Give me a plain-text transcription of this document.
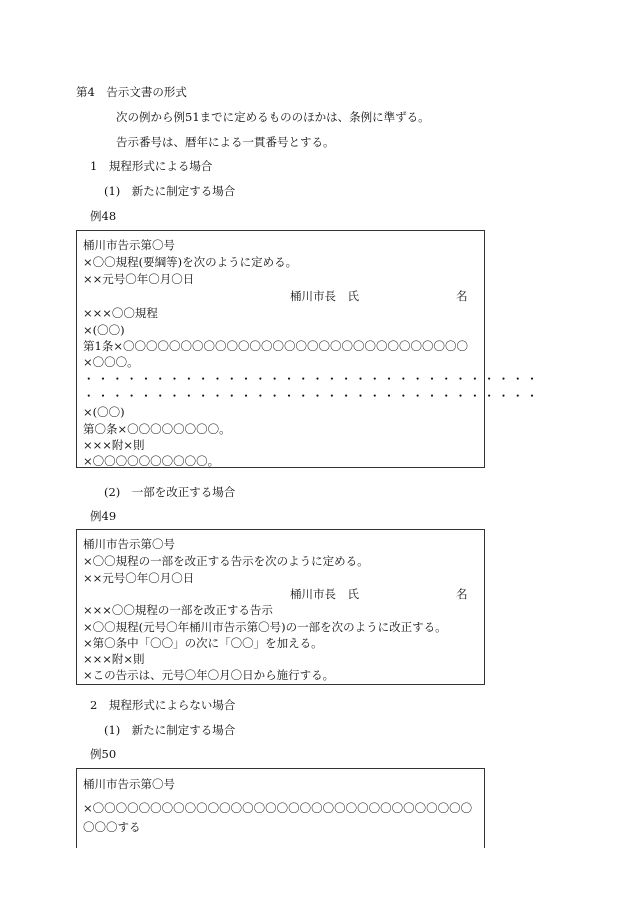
第4　告示文書の形式
次の例から例51までに定めるもののほかは、条例に準ずる。
告示番号は、暦年による一貫番号とする。
1　規程形式による場合
(1)　新たに制定する場合
例48
桶川市告示第〇号
×〇〇規程(要綱等)を次のように定める。
××元号〇年〇月〇日
桶川市長　氏	名
×××〇〇規程
×(〇〇)
第1条×〇〇〇〇〇〇〇〇〇〇〇〇〇〇〇〇〇〇〇〇〇〇〇〇〇〇〇〇〇〇
×〇〇〇。
・・・・・・・・・・・・・・・・・・・・・・・・・・・・・・・・
・・・・・・・・・・・・・・・・・・・・・・・・・・・・・・・・
×(〇〇)
第〇条×〇〇〇〇〇〇〇〇。
×××附×則
×〇〇〇〇〇〇〇〇〇〇。
(2)　一部を改正する場合
例49
桶川市告示第〇号
×〇〇規程の一部を改正する告示を次のように定める。
××元号〇年〇月〇日
桶川市長　氏	名
×××〇〇規程の一部を改正する告示
×〇〇規程(元号〇年桶川市告示第〇号)の一部を次のように改正する。
×第〇条中「〇〇」の次に「〇〇」を加える。
×××附×則
×この告示は、元号〇年〇月〇日から施行する。
2　規程形式によらない場合
(1)　新たに制定する場合
例50
桶川市告示第〇号
×〇〇〇〇〇〇〇〇〇〇〇〇〇〇〇〇〇〇〇〇〇〇〇〇〇〇〇〇〇〇〇〇〇
〇〇〇する
